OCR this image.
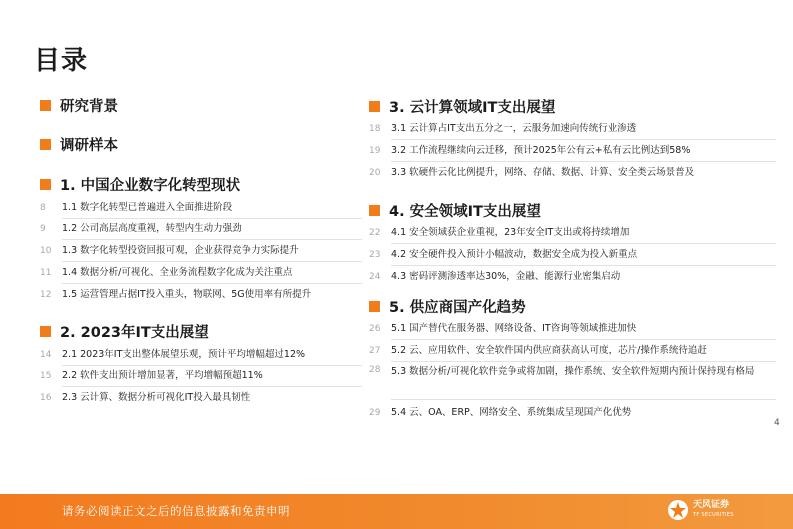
目录
研究背景
调研样本
1. 中国企业数字化转型现状
8	1.1 数字化转型已普遍进入全面推进阶段
9	1.2 公司高层高度重视，转型内生动力强劲
10	1.3 数字化转型投资回报可观，企业获得竞争力实际提升
11	1.4 数据分析/可视化、全业务流程数字化成为关注重点
12	1.5 运营管理占据IT投入重头，物联网、5G使用率有所提升
2. 2023年IT支出展望
14	2.1 2023年IT支出整体展望乐观，预计平均增幅超过12%
15	2.2 软件支出预计增加显著，平均增幅预超11%
16	2.3 云计算、数据分析可视化IT投入最具韧性
3. 云计算领域IT支出展望
18	3.1 云计算占IT支出五分之一，云服务加速向传统行业渗透
19	3.2 工作流程继续向云迁移，预计2025年公有云+私有云比例达到58%
20	3.3 软硬件云化比例提升，网络、存储、数据、计算、安全类云场景普及
4. 安全领域IT支出展望
22	4.1 安全领域获企业重视，23年安全IT支出或将持续增加
23	4.2 安全硬件投入预计小幅波动，数据安全成为投入新重点
24	4.3 密码评测渗透率达30%，金融、能源行业密集启动
5. 供应商国产化趋势
26	5.1 国产替代在服务器、网络设备、IT咨询等领域推进加快
27	5.2 云、应用软件、安全软件国内供应商获高认可度，芯片/操作系统待追赶
28	5.3 数据分析/可视化软件竞争或将加剧，操作系统、安全软件短期内预计保持现有格局
29	5.4 云、OA、ERP、网络安全、系统集成呈现国产化优势
4
请务必阅读正文之后的信息披露和免责申明	天风证券
TF SECURITIES
